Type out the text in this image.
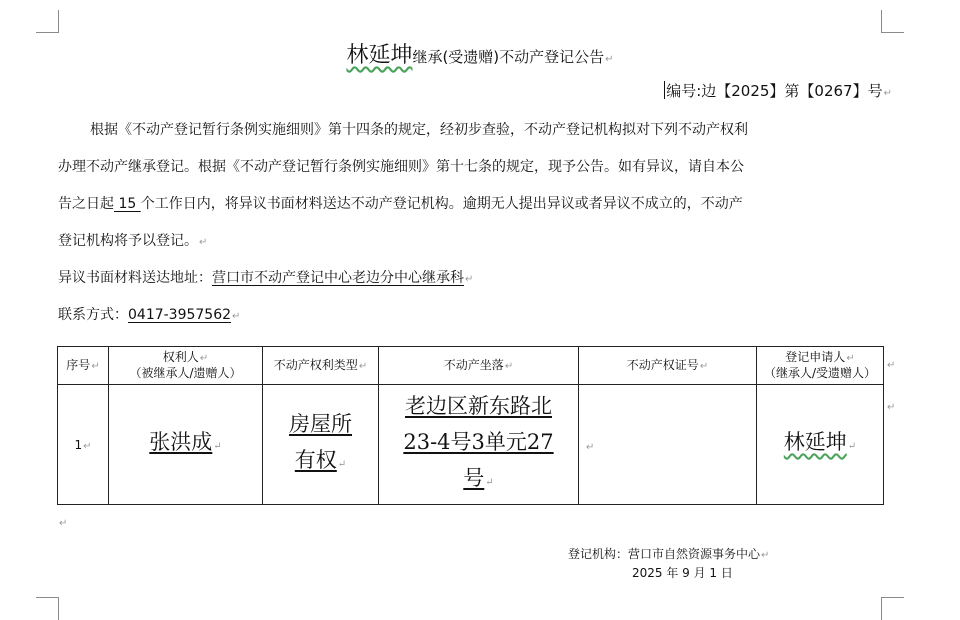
林延坤继承(受遗赠)不动产登记公告↵
编号:边【2025】第【0267】号↵
根据《不动产登记暂行条例实施细则》第十四条的规定，经初步查验，不动产登记机构拟对下列不动产权利
办理不动产继承登记。根据《不动产登记暂行条例实施细则》第十七条的规定，现予公告。如有异议，请自本公
告之日起 15 个工作日内，将异议书面材料送达不动产登记机构。逾期无人提出异议或者异议不成立的，不动产
登记机构将予以登记。↵
异议书面材料送达地址：营口市不动产登记中心老边分中心继承科↵
联系方式：0417-3957562↵
序号↵	权利人↵
（被继承人/遗赠人）	不动产权利类型↵	不动产坐落↵	不动产权证号↵	登记申请人↵
（继承人/受遗赠人）
1↵	张洪成↵	房屋所
有权↵	老边区新东路北
23-4号3单元27
号↵	↵	林延坤↵
↵
↵
↵
登记机构：营口市自然资源事务中心↵
2025 年 9 月 1 日
